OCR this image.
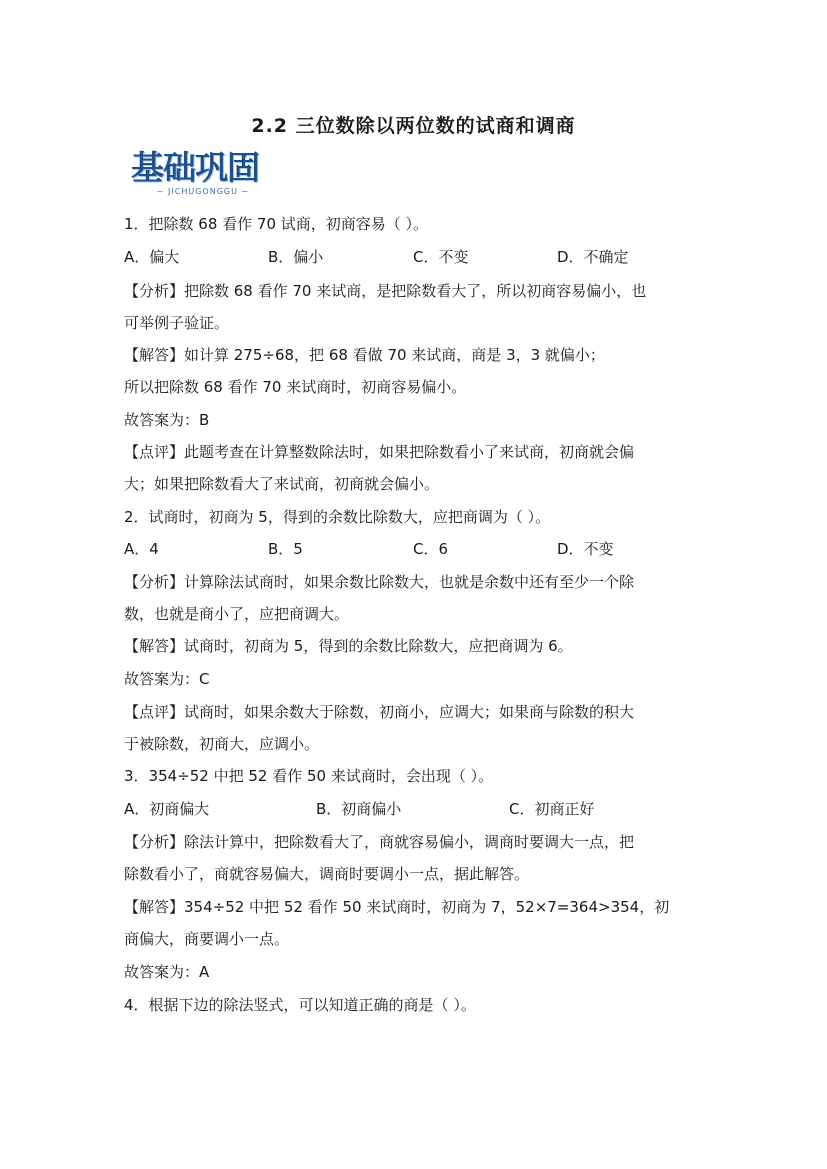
2.2 三位数除以两位数的试商和调商
基础巩固
~ JICHUGONGGU ~
1．把除数 68 看作 70 试商，初商容易（ ）。
A．偏大	B．偏小	C．不变	D．不确定
【分析】把除数 68 看作 70 来试商，是把除数看大了，所以初商容易偏小，也
可举例子验证。
【解答】如计算 275÷68，把 68 看做 70 来试商，商是 3，3 就偏小；
所以把除数 68 看作 70 来试商时，初商容易偏小。
故答案为：B
【点评】此题考查在计算整数除法时，如果把除数看小了来试商，初商就会偏
大；如果把除数看大了来试商，初商就会偏小。
2．试商时，初商为 5，得到的余数比除数大，应把商调为（ ）。
A．4	B．5	C．6	D．不变
【分析】计算除法试商时，如果余数比除数大，也就是余数中还有至少一个除
数，也就是商小了，应把商调大。
【解答】试商时，初商为 5，得到的余数比除数大，应把商调为 6。
故答案为：C
【点评】试商时，如果余数大于除数，初商小，应调大；如果商与除数的积大
于被除数，初商大，应调小。
3．354÷52 中把 52 看作 50 来试商时，会出现（ ）。
A．初商偏大	B．初商偏小	C．初商正好
【分析】除法计算中，把除数看大了，商就容易偏小，调商时要调大一点，把
除数看小了，商就容易偏大，调商时要调小一点，据此解答。
【解答】354÷52 中把 52 看作 50 来试商时，初商为 7，52×7=364>354，初
商偏大，商要调小一点。
故答案为：A
4．根据下边的除法竖式，可以知道正确的商是（ ）。
